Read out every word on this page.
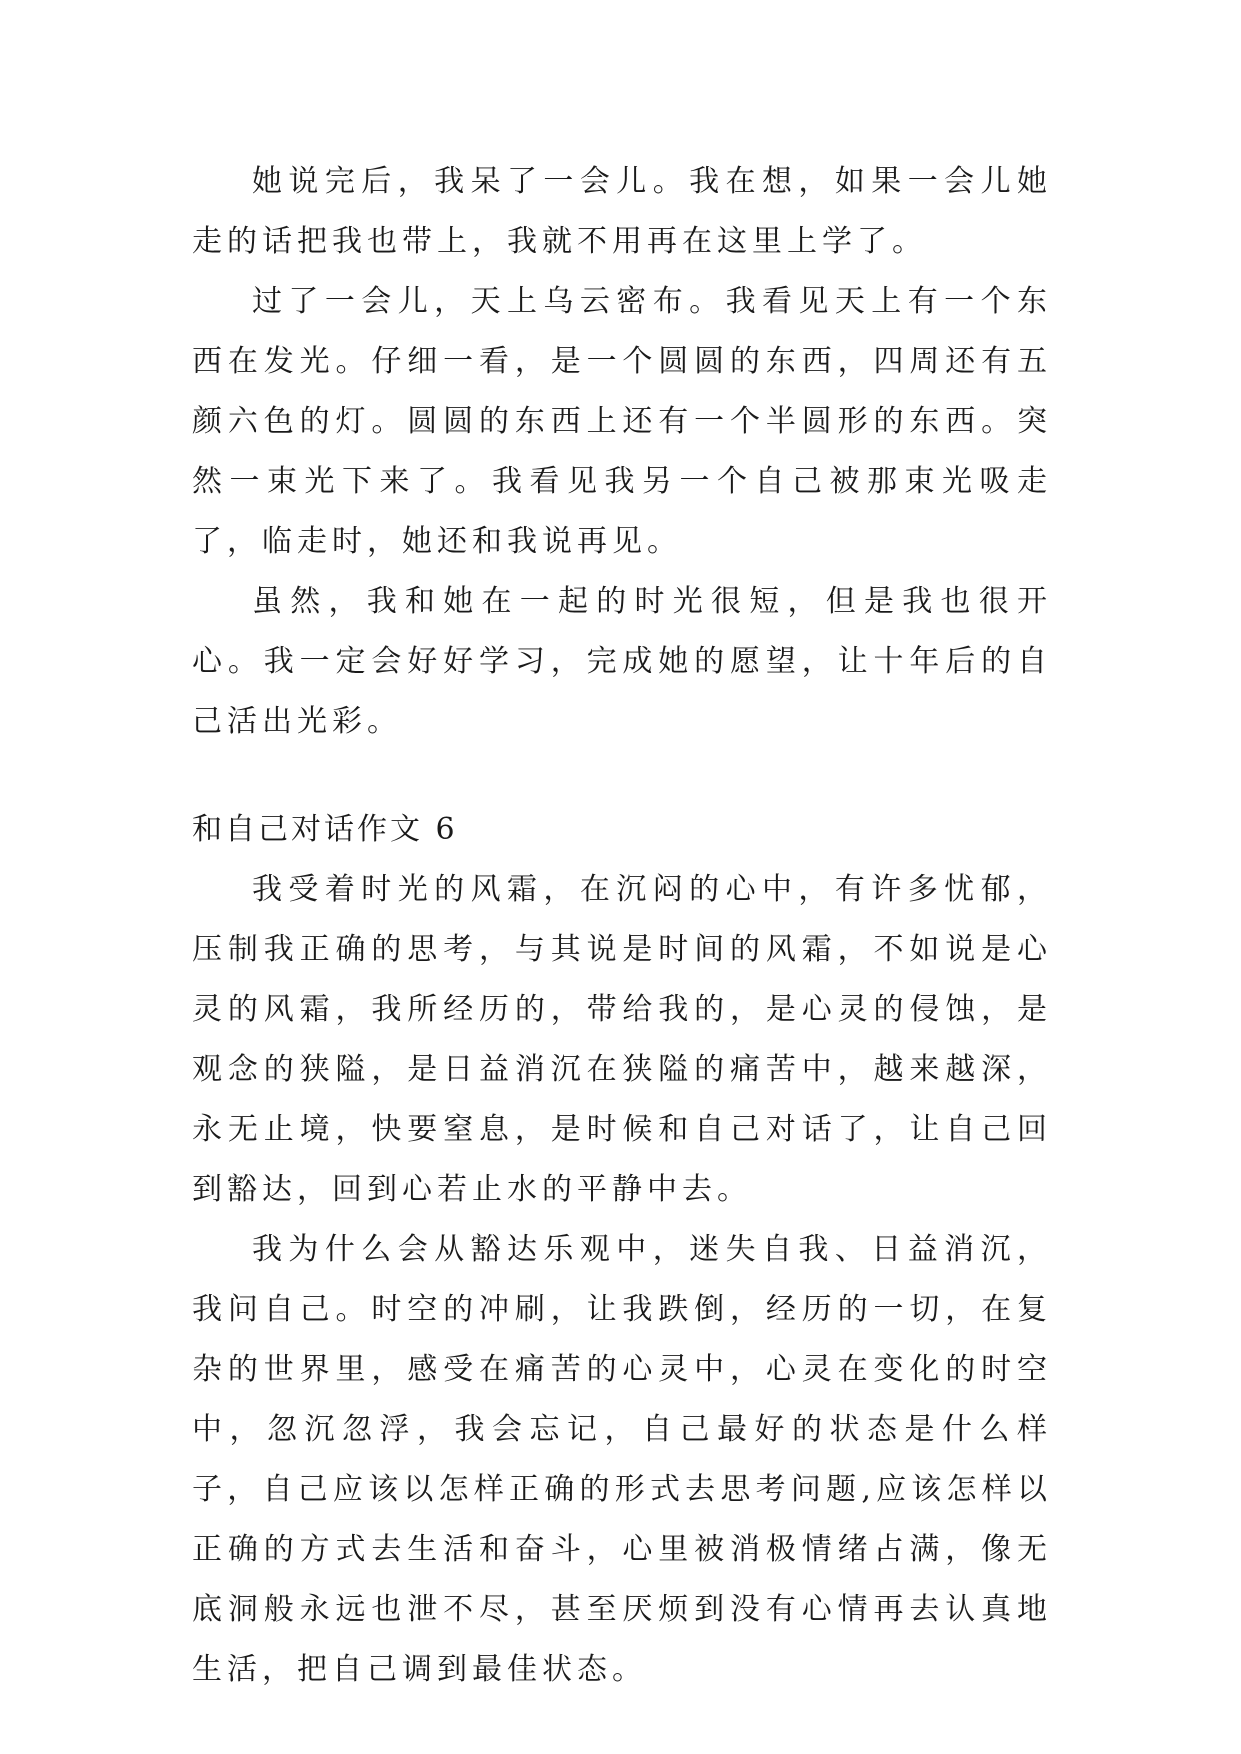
她说完后，我呆了一会儿。我在想，如果一会儿她走的话把我也带上，我就不用再在这里上学了。

过了一会儿，天上乌云密布。我看见天上有一个东西在发光。仔细一看，是一个圆圆的东西，四周还有五颜六色的灯。圆圆的东西上还有一个半圆形的东西。突然一束光下来了。我看见我另一个自己被那束光吸走了，临走时，她还和我说再见。

虽然，我和她在一起的时光很短，但是我也很开心。我一定会好好学习，完成她的愿望，让十年后的自己活出光彩。

和自己对话作文 6

我受着时光的风霜，在沉闷的心中，有许多忧郁，压制我正确的思考，与其说是时间的风霜，不如说是心灵的风霜，我所经历的，带给我的，是心灵的侵蚀，是观念的狭隘，是日益消沉在狭隘的痛苦中，越来越深，永无止境，快要窒息，是时候和自己对话了，让自己回到豁达，回到心若止水的平静中去。

我为什么会从豁达乐观中，迷失自我、日益消沉，我问自己。时空的冲刷，让我跌倒，经历的一切，在复杂的世界里，感受在痛苦的心灵中，心灵在变化的时空中，忽沉忽浮，我会忘记，自己最好的状态是什么样子，自己应该以怎样正确的形式去思考问题,应该怎样以正确的方式去生活和奋斗，心里被消极情绪占满，像无底洞般永远也泄不尽，甚至厌烦到没有心情再去认真地生活，把自己调到最佳状态。
